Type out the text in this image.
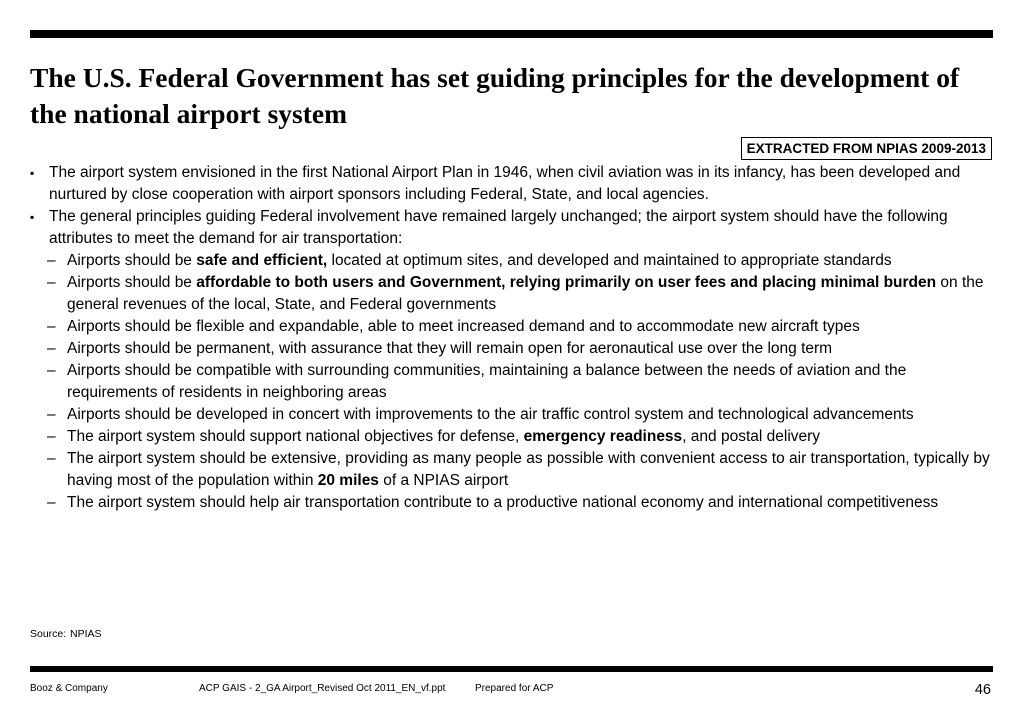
The U.S. Federal Government has set guiding principles for the development of the national airport system
EXTRACTED FROM NPIAS 2009-2013
▪ The airport system envisioned in the first National Airport Plan in 1946, when civil aviation was in its infancy, has been developed and nurtured by close cooperation with airport sponsors including Federal, State, and local agencies.
▪ The general principles guiding Federal involvement have remained largely unchanged; the airport system should have the following attributes to meet the demand for air transportation:
– Airports should be safe and efficient, located at optimum sites, and developed and maintained to appropriate standards
– Airports should be affordable to both users and Government, relying primarily on user fees and placing minimal burden on the general revenues of the local, State, and Federal governments
– Airports should be flexible and expandable, able to meet increased demand and to accommodate new aircraft types
– Airports should be permanent, with assurance that they will remain open for aeronautical use over the long term
– Airports should be compatible with surrounding communities, maintaining a balance between the needs of aviation and the requirements of residents in neighboring areas
– Airports should be developed in concert with improvements to the air traffic control system and technological advancements
– The airport system should support national objectives for defense, emergency readiness, and postal delivery
– The airport system should be extensive, providing as many people as possible with convenient access to air transportation, typically by having most of the population within 20 miles of a NPIAS airport
– The airport system should help air transportation contribute to a productive national economy and international competitiveness
Source: NPIAS
Booz & Company	ACP GAIS - 2_GA Airport_Revised Oct 2011_EN_vf.ppt	Prepared for ACP	46
